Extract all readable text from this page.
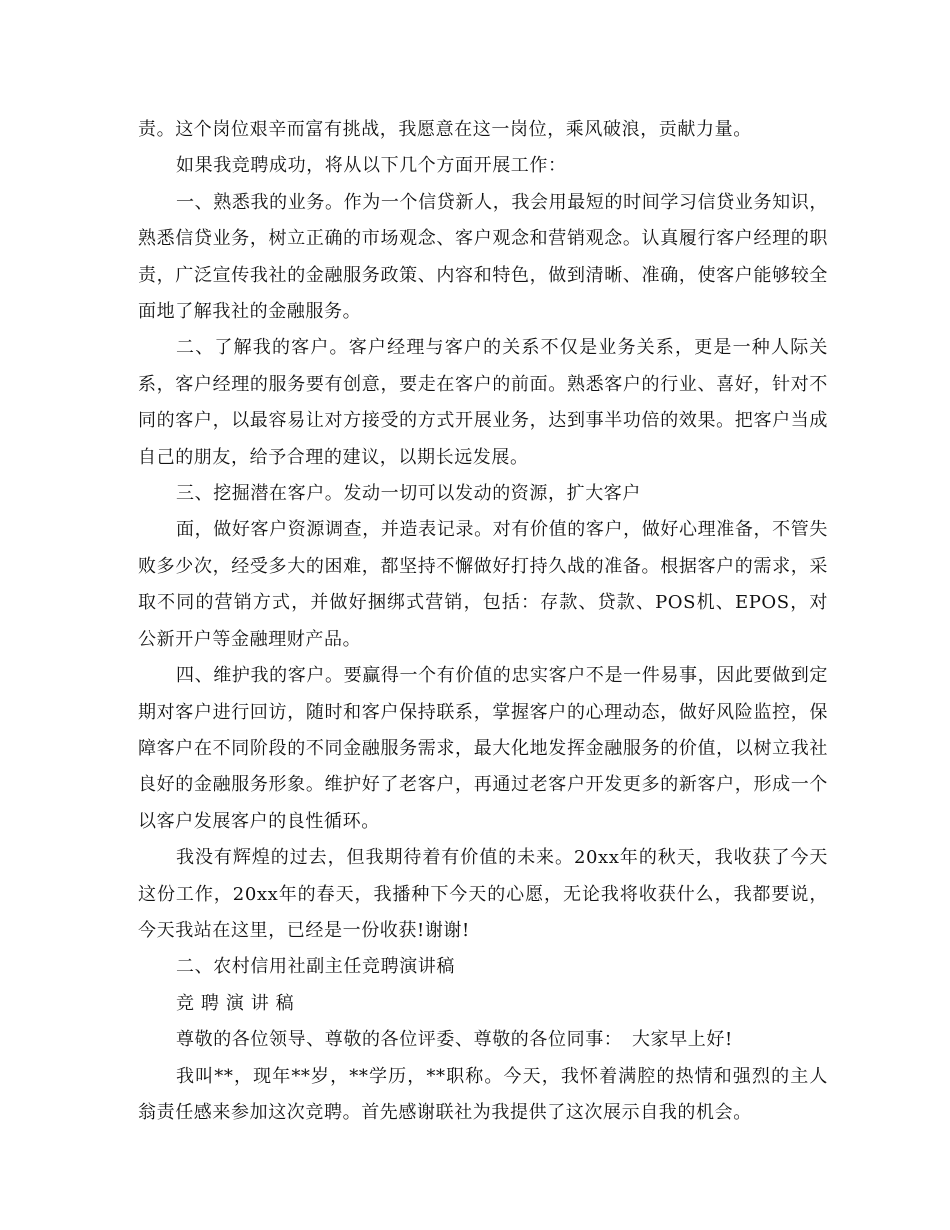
责。这个岗位艰辛而富有挑战，我愿意在这一岗位，乘风破浪，贡献力量。

如果我竞聘成功，将从以下几个方面开展工作：

一、熟悉我的业务。作为一个信贷新人，我会用最短的时间学习信贷业务知识，熟悉信贷业务，树立正确的市场观念、客户观念和营销观念。认真履行客户经理的职责，广泛宣传我社的金融服务政策、内容和特色，做到清晰、准确，使客户能够较全面地了解我社的金融服务。

二、了解我的客户。客户经理与客户的关系不仅是业务关系，更是一种人际关系，客户经理的服务要有创意，要走在客户的前面。熟悉客户的行业、喜好，针对不同的客户，以最容易让对方接受的方式开展业务，达到事半功倍的效果。把客户当成自己的朋友，给予合理的建议，以期长远发展。

三、挖掘潜在客户。发动一切可以发动的资源，扩大客户

面，做好客户资源调查，并造表记录。对有价值的客户，做好心理准备，不管失败多少次，经受多大的困难，都坚持不懈做好打持久战的准备。根据客户的需求，采取不同的营销方式，并做好捆绑式营销，包括：存款、贷款、POS机、EPOS，对公新开户等金融理财产品。

四、维护我的客户。要赢得一个有价值的忠实客户不是一件易事，因此要做到定期对客户进行回访，随时和客户保持联系，掌握客户的心理动态，做好风险监控，保障客户在不同阶段的不同金融服务需求，最大化地发挥金融服务的价值，以树立我社良好的金融服务形象。维护好了老客户，再通过老客户开发更多的新客户，形成一个以客户发展客户的良性循环。

我没有辉煌的过去，但我期待着有价值的未来。20xx年的秋天，我收获了今天这份工作，20xx年的春天，我播种下今天的心愿，无论我将收获什么，我都要说，今天我站在这里，已经是一份收获!谢谢!

二、农村信用社副主任竞聘演讲稿

竞 聘 演 讲 稿

尊敬的各位领导、尊敬的各位评委、尊敬的各位同事：　大家早上好!

我叫**，现年**岁，**学历，**职称。今天，我怀着满腔的热情和强烈的主人翁责任感来参加这次竞聘。首先感谢联社为我提供了这次展示自我的机会。
